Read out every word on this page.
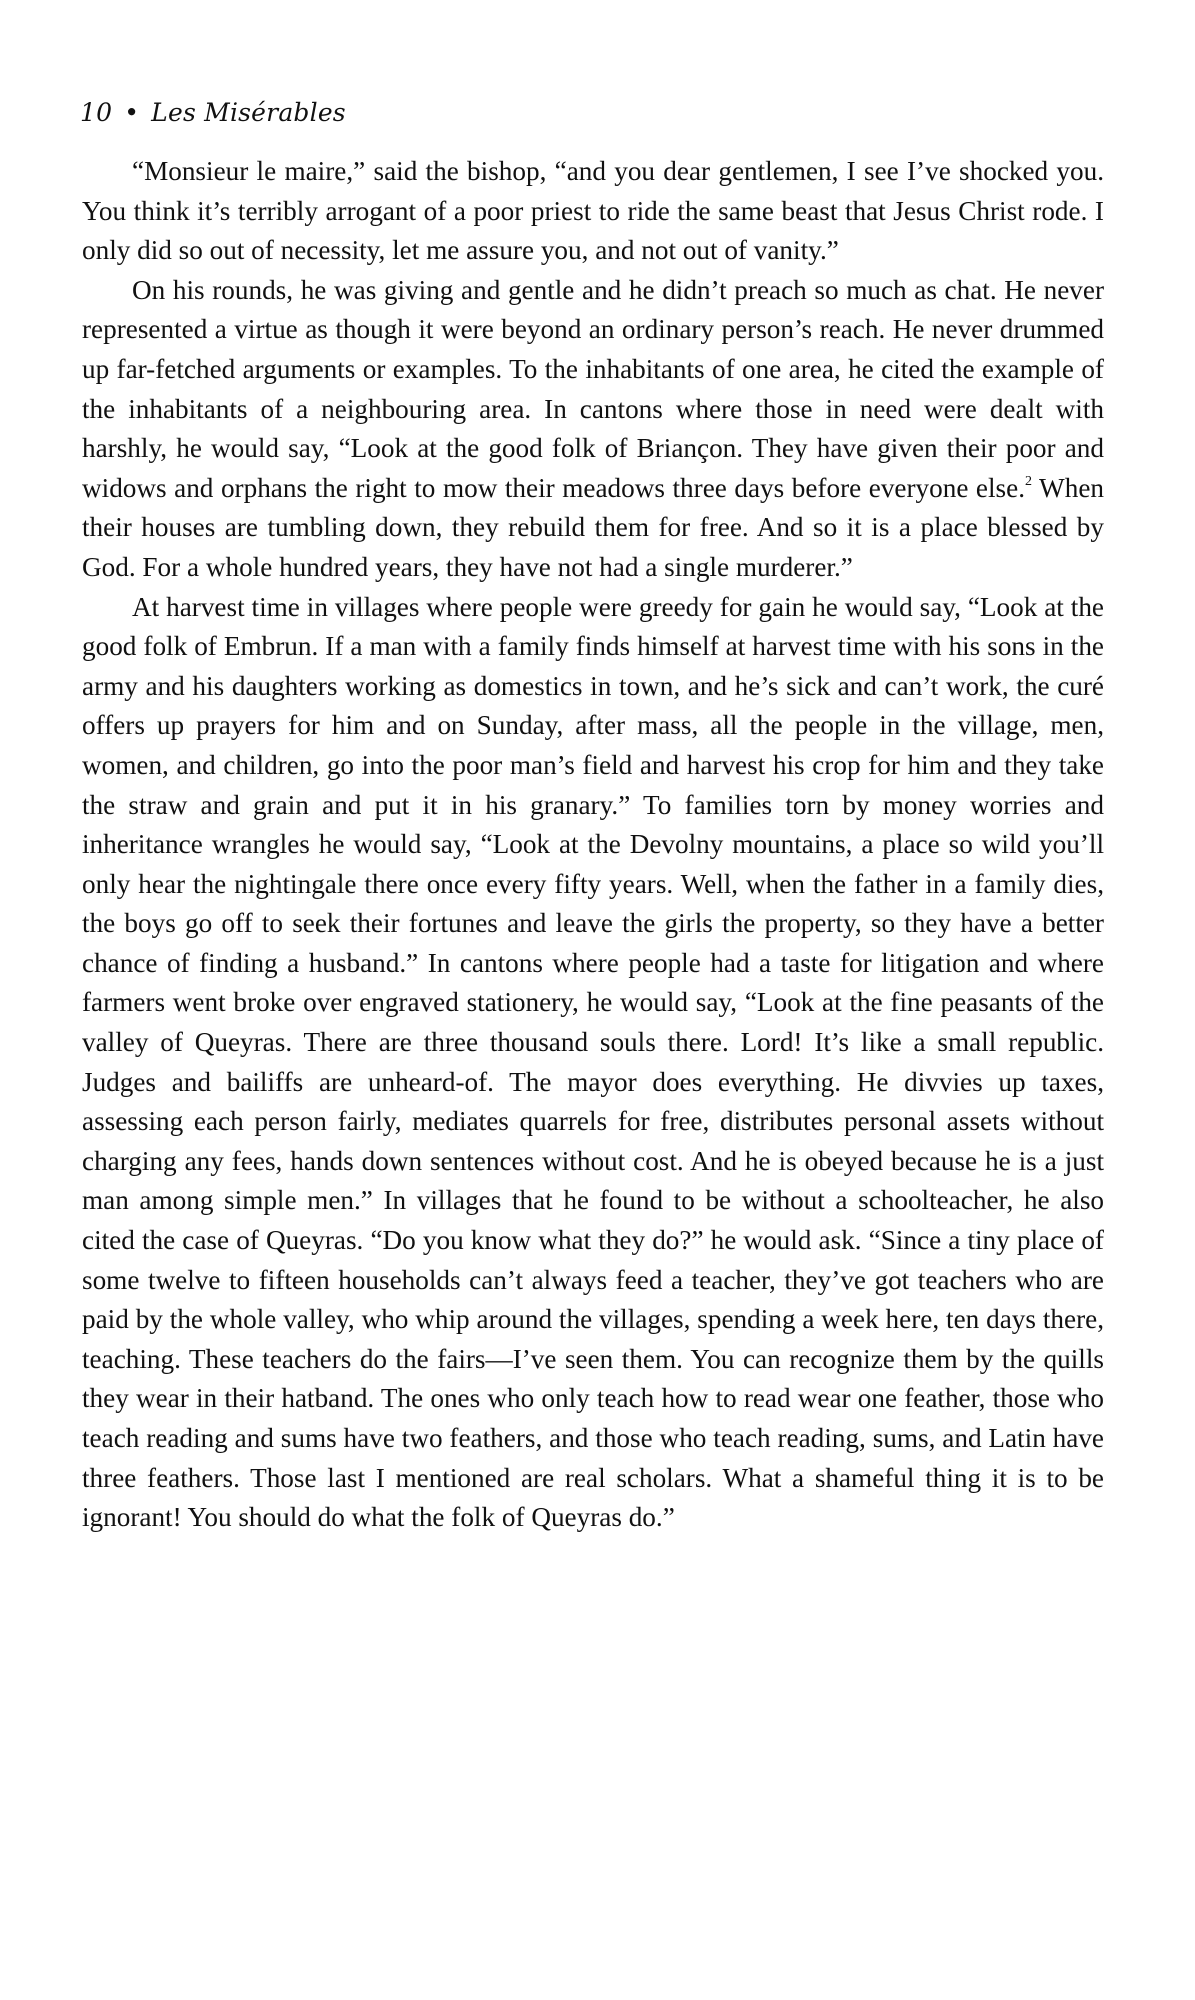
10 • Les Misérables

“Monsieur le maire,” said the bishop, “and you dear gentlemen, I see I’ve shocked you. You think it’s terribly arrogant of a poor priest to ride the same beast that Jesus Christ rode. I only did so out of necessity, let me assure you, and not out of vanity.”

On his rounds, he was giving and gentle and he didn’t preach so much as chat. He never represented a virtue as though it were beyond an ordinary person’s reach. He never drummed up far-fetched arguments or examples. To the inhabitants of one area, he cited the example of the inhabitants of a neighbouring area. In cantons where those in need were dealt with harshly, he would say, “Look at the good folk of Briançon. They have given their poor and widows and orphans the right to mow their meadows three days before everyone else.$^2$ When their houses are tumbling down, they rebuild them for free. And so it is a place blessed by God. For a whole hundred years, they have not had a single murderer.”

At harvest time in villages where people were greedy for gain he would say, “Look at the good folk of Embrun. If a man with a family finds himself at harvest time with his sons in the army and his daughters working as domestics in town, and he’s sick and can’t work, the curé offers up prayers for him and on Sunday, after mass, all the people in the village, men, women, and children, go into the poor man’s field and harvest his crop for him and they take the straw and grain and put it in his granary.” To families torn by money worries and inheritance wrangles he would say, “Look at the Devolny mountains, a place so wild you’ll only hear the nightingale there once every fifty years. Well, when the father in a family dies, the boys go off to seek their fortunes and leave the girls the property, so they have a better chance of finding a husband.” In cantons where people had a taste for litigation and where farmers went broke over engraved stationery, he would say, “Look at the fine peasants of the valley of Queyras. There are three thousand souls there. Lord! It’s like a small republic. Judges and bailiffs are unheard-of. The mayor does everything. He divvies up taxes, assessing each person fairly, mediates quarrels for free, distributes personal assets without charging any fees, hands down sentences without cost. And he is obeyed because he is a just man among simple men.” In villages that he found to be without a schoolteacher, he also cited the case of Queyras. “Do you know what they do?” he would ask. “Since a tiny place of some twelve to fifteen households can’t always feed a teacher, they’ve got teachers who are paid by the whole valley, who whip around the villages, spending a week here, ten days there, teaching. These teachers do the fairs—I’ve seen them. You can recognize them by the quills they wear in their hatband. The ones who only teach how to read wear one feather, those who teach reading and sums have two feathers, and those who teach reading, sums, and Latin have three feathers. Those last I mentioned are real scholars. What a shameful thing it is to be ignorant! You should do what the folk of Queyras do.”
